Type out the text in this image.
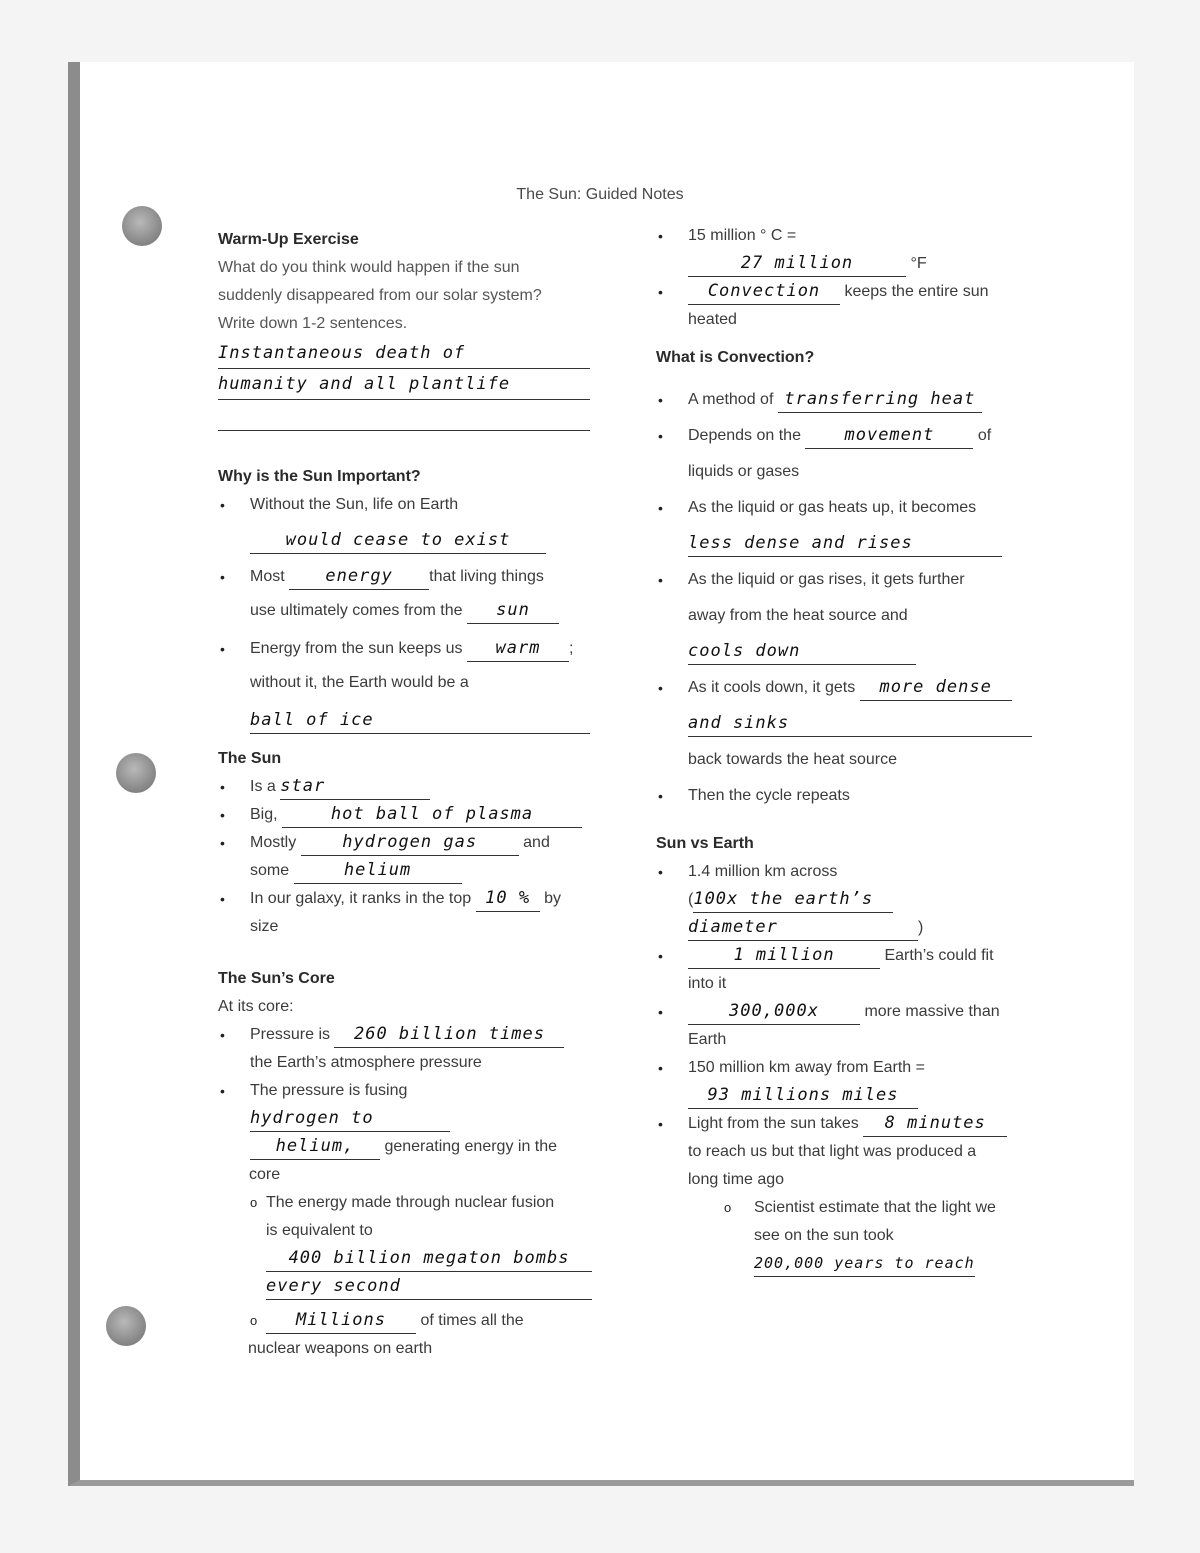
The Sun: Guided Notes

Warm-Up Exercise

What do you think would happen if the sun
suddenly disappeared from our solar system?
Write down 1-2 sentences.
Instantaneous death of
humanity and all plantlife

Why is the Sun Important?

• Without the Sun, life on Earth
would cease to exist
• Most energy that living things
use ultimately comes from the sun
• Energy from the sun keeps us warm ;
without it, the Earth would be a
ball of ice

The Sun

• Is a star
• Big,	hot ball of plasma
• Mostly	hydrogen gas	and
some	helium
• In our galaxy, it ranks in the top 10 % by
size

The Sun’s Core

At its core:
• Pressure is 260 billion times
the Earth’s atmosphere pressure
• The pressure is fusing
hydrogen to
helium, generating energy in the
core
o The energy made through nuclear fusion
is equivalent to
400 billion megaton bombs
every second
o Millions of times all the
nuclear weapons on earth
• 15 million ° C =
27 million	°F
• Convection keeps the entire sun
heated

What is Convection?

• A method of transferring heat
• Depends on the	movement	of
liquids or gases
• As the liquid or gas heats up, it becomes
less dense and rises
• As the liquid or gas rises, it gets further
away from the heat source and
cools down
• As it cools down, it gets more dense
and sinks
back towards the heat source
• Then the cycle repeats

Sun vs Earth

• 1.4 million km across
(100x the earth’s
diameter	)
• 1 million	Earth’s could fit
into it
• 300,000x	more massive than
Earth
• 150 million km away from Earth =
93 millions miles
• Light from the sun takes 8 minutes
to reach us but that light was produced a
long time ago
o Scientist estimate that the light we
see on the sun took
200,000 years to reach
